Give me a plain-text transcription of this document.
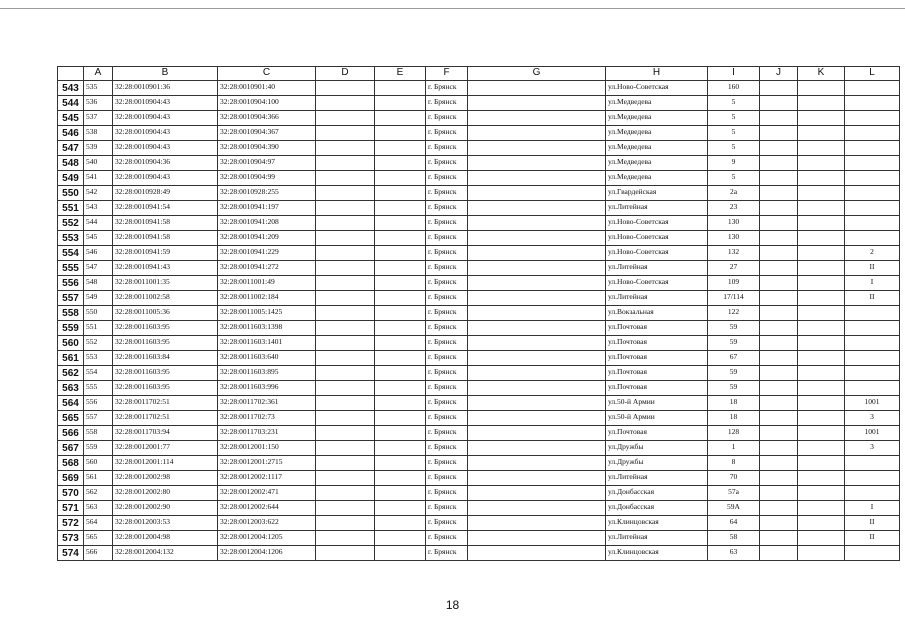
	A	B	C	D	E	F	G	H	I	J	K	L
543	535	32:28:0010901:36	32:28:0010901:40			г. Брянск		ул.Ново-Советская	160			
544	536	32:28:0010904:43	32:28:0010904:100			г. Брянск		ул.Медведева	5			
545	537	32:28:0010904:43	32:28:0010904:366			г. Брянск		ул.Медведева	5			
546	538	32:28:0010904:43	32:28:0010904:367			г. Брянск		ул.Медведева	5			
547	539	32:28:0010904:43	32:28:0010904:390			г. Брянск		ул.Медведева	5			
548	540	32:28:0010904:36	32:28:0010904:97			г. Брянск		ул.Медведева	9			
549	541	32:28:0010904:43	32:28:0010904:99			г. Брянск		ул.Медведева	5			
550	542	32:28:0010928:49	32:28:0010928:255			г. Брянск		ул.Гвардейская	2а			
551	543	32:28:0010941:54	32:28:0010941:197			г. Брянск		ул.Литейная	23			
552	544	32:28:0010941:58	32:28:0010941:208			г. Брянск		ул.Ново-Советская	130			
553	545	32:28:0010941:58	32:28:0010941:209			г. Брянск		ул.Ново-Советская	130			
554	546	32:28:0010941:59	32:28:0010941:229			г. Брянск		ул.Ново-Советская	132			2
555	547	32:28:0010941:43	32:28:0010941:272			г. Брянск		ул.Литейная	27			II
556	548	32:28:0011001:35	32:28:0011001:49			г. Брянск		ул.Ново-Советская	109			I
557	549	32:28:0011002:58	32:28:0011002:184			г. Брянск		ул.Литейная	17/114			II
558	550	32:28:0011005:36	32:28:0011005:1425			г. Брянск		ул.Вокзальная	122			
559	551	32:28:0011603:95	32:28:0011603:1398			г. Брянск		ул.Почтовая	59			
560	552	32:28:0011603:95	32:28:0011603:1401			г. Брянск		ул.Почтовая	59			
561	553	32:28:0011603:84	32:28:0011603:640			г. Брянск		ул.Почтовая	67			
562	554	32:28:0011603:95	32:28:0011603:895			г. Брянск		ул.Почтовая	59			
563	555	32:28:0011603:95	32:28:0011603:996			г. Брянск		ул.Почтовая	59			
564	556	32:28:0011702:51	32:28:0011702:361			г. Брянск		ул.50-й Армии	18			1001
565	557	32:28:0011702:51	32:28:0011702:73			г. Брянск		ул.50-й Армии	18			3
566	558	32:28:0011703:94	32:28:0011703:231			г. Брянск		ул.Почтовая	128			1001
567	559	32:28:0012001:77	32:28:0012001:150			г. Брянск		ул.Дружбы	1			3
568	560	32:28:0012001:114	32:28:0012001:2715			г. Брянск		ул.Дружбы	8			
569	561	32:28:0012002:98	32:28:0012002:1117			г. Брянск		ул.Литейная	70			
570	562	32:28:0012002:80	32:28:0012002:471			г. Брянск		ул.Донбасская	57а			
571	563	32:28:0012002:90	32:28:0012002:644			г. Брянск		ул.Донбасская	59А			I
572	564	32:28:0012003:53	32:28:0012003:622			г. Брянск		ул.Клинцовская	64			II
573	565	32:28:0012004:98	32:28:0012004:1205			г. Брянск		ул.Литейная	58			II
574	566	32:28:0012004:132	32:28:0012004:1206			г. Брянск		ул.Клинцовская	63			
18
